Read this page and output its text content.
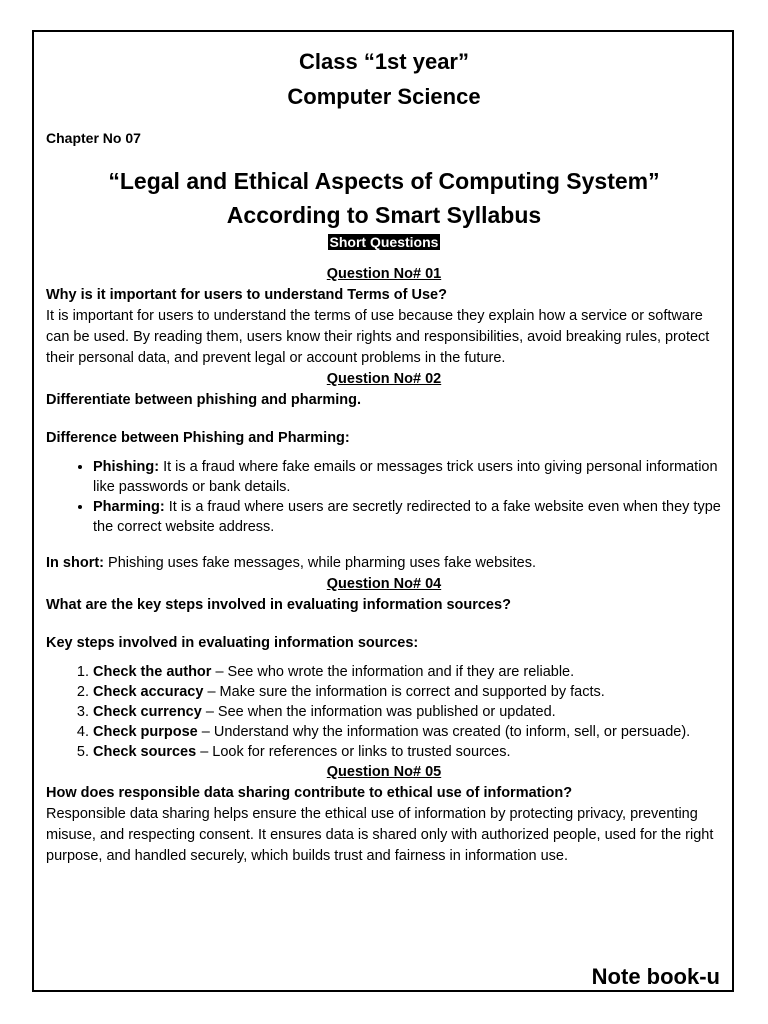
Class “1st year”
Computer Science
Chapter No 07
“Legal and Ethical Aspects of Computing System”
According to Smart Syllabus
Short Questions
Question No# 01
Why is it important for users to understand Terms of Use?
It is important for users to understand the terms of use because they explain how a service or software can be used. By reading them, users know their rights and responsibilities, avoid breaking rules, protect their personal data, and prevent legal or account problems in the future.
Question No# 02
Differentiate between phishing and pharming.
Difference between Phishing and Pharming:
• Phishing: It is a fraud where fake emails or messages trick users into giving personal information like passwords or bank details.
• Pharming: It is a fraud where users are secretly redirected to a fake website even when they type the correct website address.
In short: Phishing uses fake messages, while pharming uses fake websites.
Question No# 04
What are the key steps involved in evaluating information sources?
Key steps involved in evaluating information sources:
1. Check the author – See who wrote the information and if they are reliable.
2. Check accuracy – Make sure the information is correct and supported by facts.
3. Check currency – See when the information was published or updated.
4. Check purpose – Understand why the information was created (to inform, sell, or persuade).
5. Check sources – Look for references or links to trusted sources.
Question No# 05
How does responsible data sharing contribute to ethical use of information?
Responsible data sharing helps ensure the ethical use of information by protecting privacy, preventing misuse, and respecting consent. It ensures data is shared only with authorized people, used for the right purpose, and handled securely, which builds trust and fairness in information use.
Note book-u
